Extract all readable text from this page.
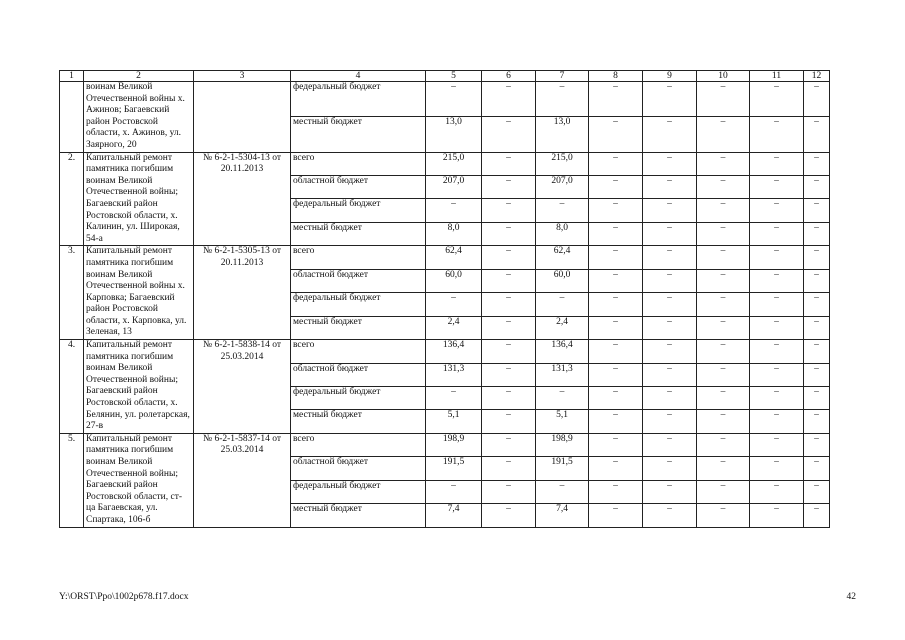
1	2	3	4	5	6	7	8	9	10	11	12
	воинам Великой Отечественной войны х. Ажинов; Багаевский район Ростовской области, х. Ажинов, ул. Заярного, 20		федеральный бюджет	–	–	–	–	–	–	–	–
			местный бюджет	13,0	–	13,0	–	–	–	–	–
2.	Капитальный ремонт памятника погибшим воинам Великой Отечественной войны; Багаевский район Ростовской области, х. Калинин, ул. Широкая, 54-а	№ 6-2-1-5304-13 от 20.11.2013	всего	215,0	–	215,0	–	–	–	–	–
			областной бюджет	207,0	–	207,0	–	–	–	–	–
			федеральный бюджет	–	–	–	–	–	–	–	–
			местный бюджет	8,0	–	8,0	–	–	–	–	–
3.	Капитальный ремонт памятника погибшим воинам Великой Отечественной войны х. Карповка; Багаевский район Ростовской области, х. Карповка, ул. Зеленая, 13	№ 6-2-1-5305-13 от 20.11.2013	всего	62,4	–	62,4	–	–	–	–	–
			областной бюджет	60,0	–	60,0	–	–	–	–	–
			федеральный бюджет	–	–	–	–	–	–	–	–
			местный бюджет	2,4	–	2,4	–	–	–	–	–
4.	Капитальный ремонт памятника погибшим воинам Великой Отечественной войны; Багаевский район Ростовской области, х. Белянин, ул. ролетарская, 27-в	№ 6-2-1-5838-14 от 25.03.2014	всего	136,4	–	136,4	–	–	–	–	–
			областной бюджет	131,3	–	131,3	–	–	–	–	–
			федеральный бюджет	–	–	–	–	–	–	–	–
			местный бюджет	5,1	–	5,1	–	–	–	–	–
5.	Капитальный ремонт памятника погибшим воинам Великой Отечественной войны; Багаевский район Ростовской области, ст-ца Багаевская, ул. Спартака, 106-б	№ 6-2-1-5837-14 от 25.03.2014	всего	198,9	–	198,9	–	–	–	–	–
			областной бюджет	191,5	–	191,5	–	–	–	–	–
			федеральный бюджет	–	–	–	–	–	–	–	–
			местный бюджет	7,4	–	7,4	–	–	–	–	–
Y:\ORST\Ppo\1002p678.f17.docx	42
